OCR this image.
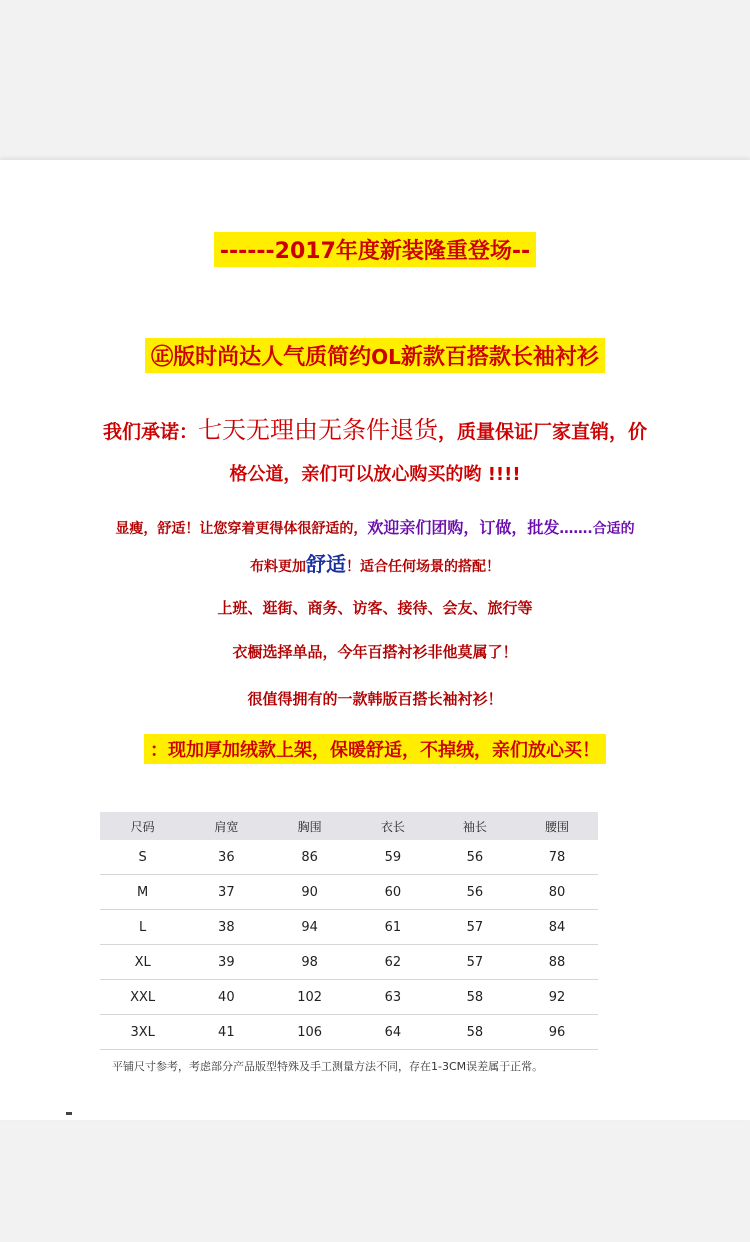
------2017年度新装隆重登场--
㊣版时尚达人气质简约OL新款百搭款长袖衬衫
我们承诺：七天无理由无条件退货，质量保证厂家直销，价
格公道，亲们可以放心购买的哟 !!!!
显瘦，舒适！让您穿着更得体很舒适的，欢迎亲们团购，订做，批发…….合适的
布料更加舒适！适合任何场景的搭配！
上班、逛街、商务、访客、接待、会友、旅行等
衣橱选择单品，今年百搭衬衫非他莫属了！
很值得拥有的一款韩版百搭长袖衬衫！
：现加厚加绒款上架，保暖舒适，不掉绒，亲们放心买！
尺码	肩宽	胸围	衣长	袖长	腰围
S	36	86	59	56	78
M	37	90	60	56	80
L	38	94	61	57	84
XL	39	98	62	57	88
XXL	40	102	63	58	92
3XL	41	106	64	58	96
平铺尺寸参考，考虑部分产品版型特殊及手工测量方法不同，存在1-3CM误差属于正常。
